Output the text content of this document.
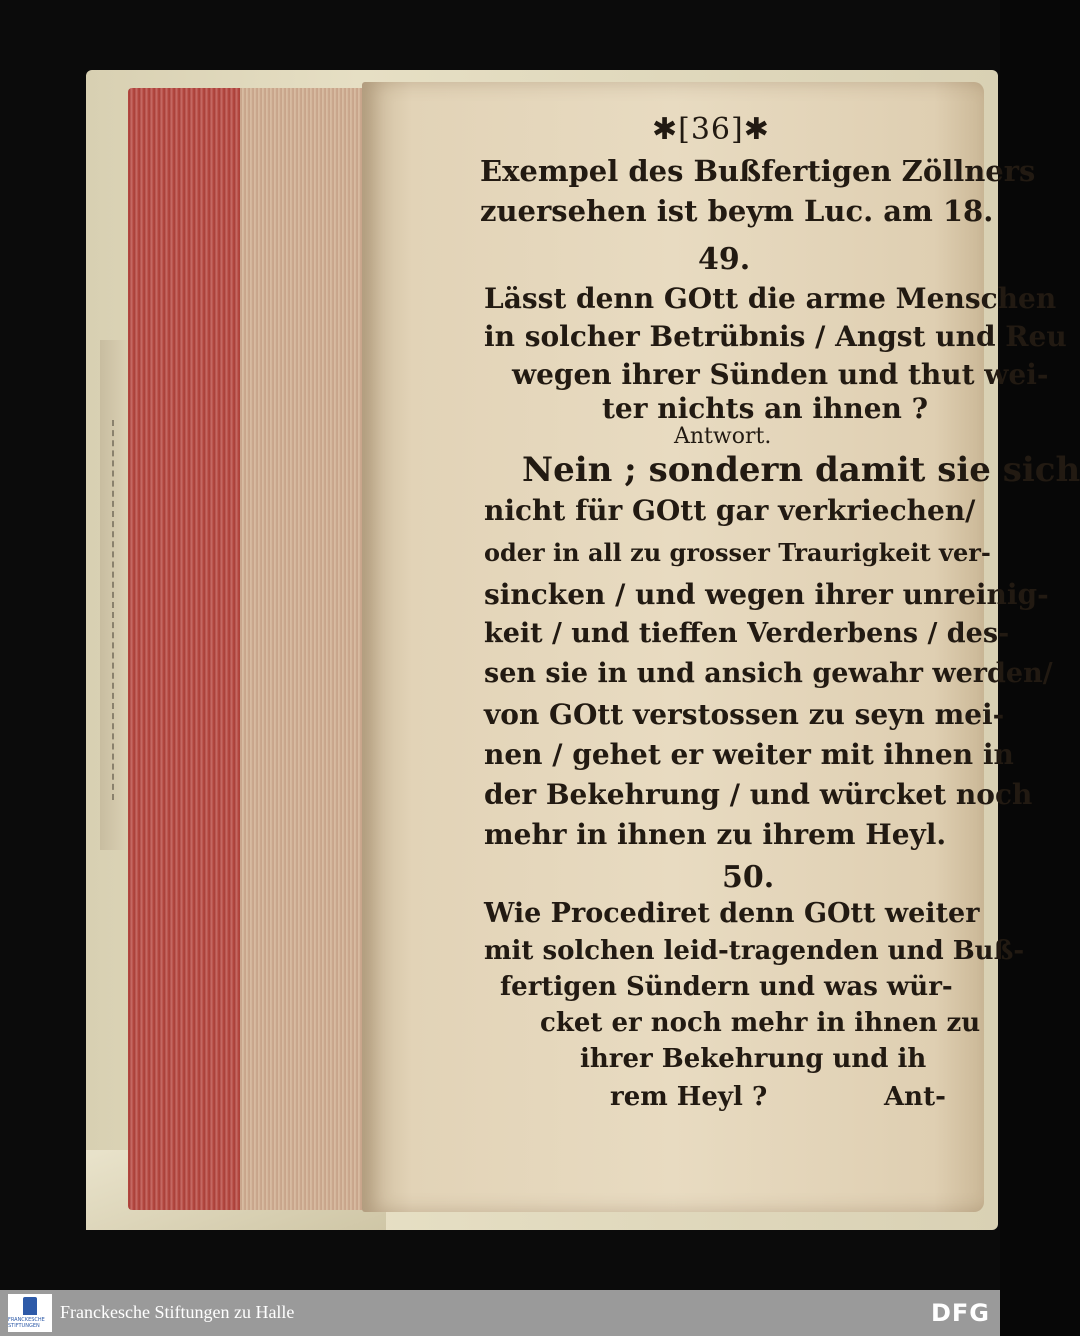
✱[36]✱
Exempel des Bußfertigen Zöllners
zuersehen ist beym Luc. am 18.
49.
Lässt denn GOtt die arme Menschen
in solcher Betrübnis / Angst und Reu
wegen ihrer Sünden und thut wei-
ter nichts an ihnen ?
Antwort.
Nein ; sondern damit sie sich
nicht für GOtt gar verkriechen/
oder in all zu grosser Traurigkeit ver-
sincken / und wegen ihrer unreinig-
keit / und tieffen Verderbens / des-
sen sie in und ansich gewahr werden/
von GOtt verstossen zu seyn mei-
nen / gehet er weiter mit ihnen in
der Bekehrung / und würcket noch
mehr in ihnen zu ihrem Heyl.
50.
Wie Procediret denn GOtt weiter
mit solchen leid-tragenden und Buß-
fertigen Sündern und was wür-
cket er noch mehr in ihnen zu
ihrer Bekehrung und ih
rem Heyl ?	Ant-
FRANCKESCHE STIFTUNGEN
Franckesche Stiftungen zu Halle	DFG
